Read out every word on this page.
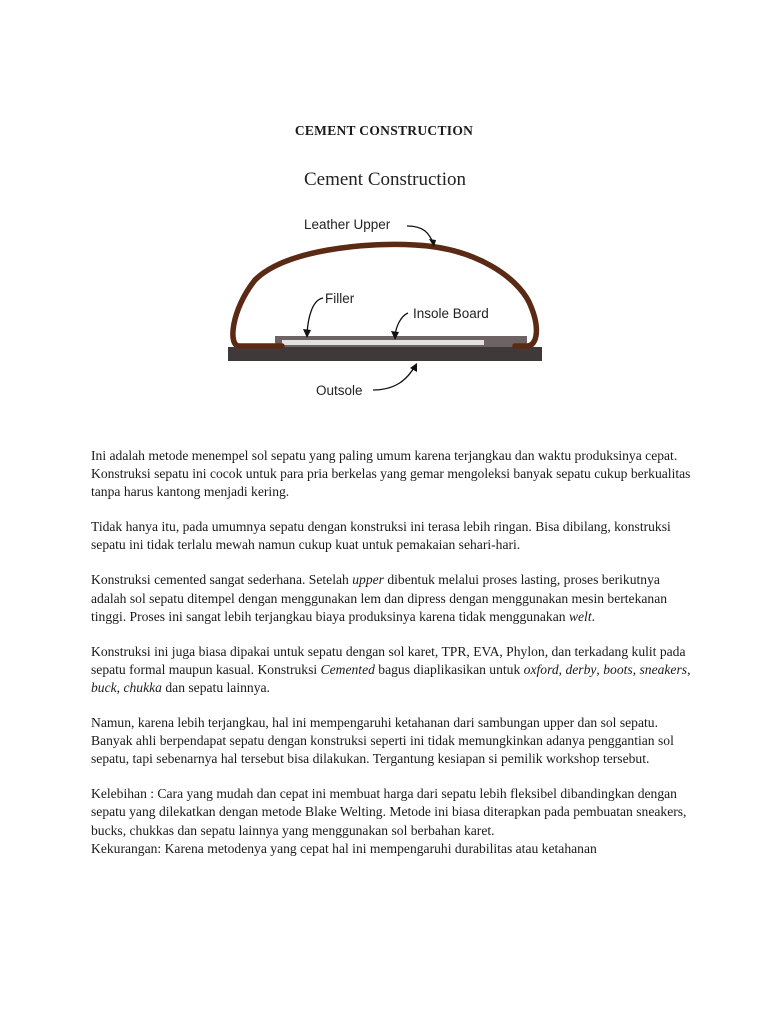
CEMENT CONSTRUCTION
Cement Construction
Leather Upper
Filler
Insole Board
Outsole

Ini adalah metode menempel sol sepatu yang paling umum karena terjangkau dan waktu produksinya cepat. Konstruksi sepatu ini cocok untuk para pria berkelas yang gemar mengoleksi banyak sepatu cukup berkualitas tanpa harus kantong menjadi kering.

Tidak hanya itu, pada umumnya sepatu dengan konstruksi ini terasa lebih ringan. Bisa dibilang, konstruksi sepatu ini tidak terlalu mewah namun cukup kuat untuk pemakaian sehari-hari.

Konstruksi cemented sangat sederhana. Setelah upper dibentuk melalui proses lasting, proses berikutnya adalah sol sepatu ditempel dengan menggunakan lem dan dipress dengan menggunakan mesin bertekanan tinggi. Proses ini sangat lebih terjangkau biaya produksinya karena tidak menggunakan welt.

Konstruksi ini juga biasa dipakai untuk sepatu dengan sol karet, TPR, EVA, Phylon, dan terkadang kulit pada sepatu formal maupun kasual. Konstruksi Cemented bagus diaplikasikan untuk oxford, derby, boots, sneakers, buck, chukka dan sepatu lainnya.

Namun, karena lebih terjangkau, hal ini mempengaruhi ketahanan dari sambungan upper dan sol sepatu. Banyak ahli berpendapat sepatu dengan konstruksi seperti ini tidak memungkinkan adanya penggantian sol sepatu, tapi sebenarnya hal tersebut bisa dilakukan. Tergantung kesiapan si pemilik workshop tersebut.

Kelebihan : Cara yang mudah dan cepat ini membuat harga dari sepatu lebih fleksibel dibandingkan dengan sepatu yang dilekatkan dengan metode Blake Welting. Metode ini biasa diterapkan pada pembuatan sneakers, bucks, chukkas dan sepatu lainnya yang menggunakan sol berbahan karet.

Kekurangan: Karena metodenya yang cepat hal ini mempengaruhi durabilitas atau ketahanan
